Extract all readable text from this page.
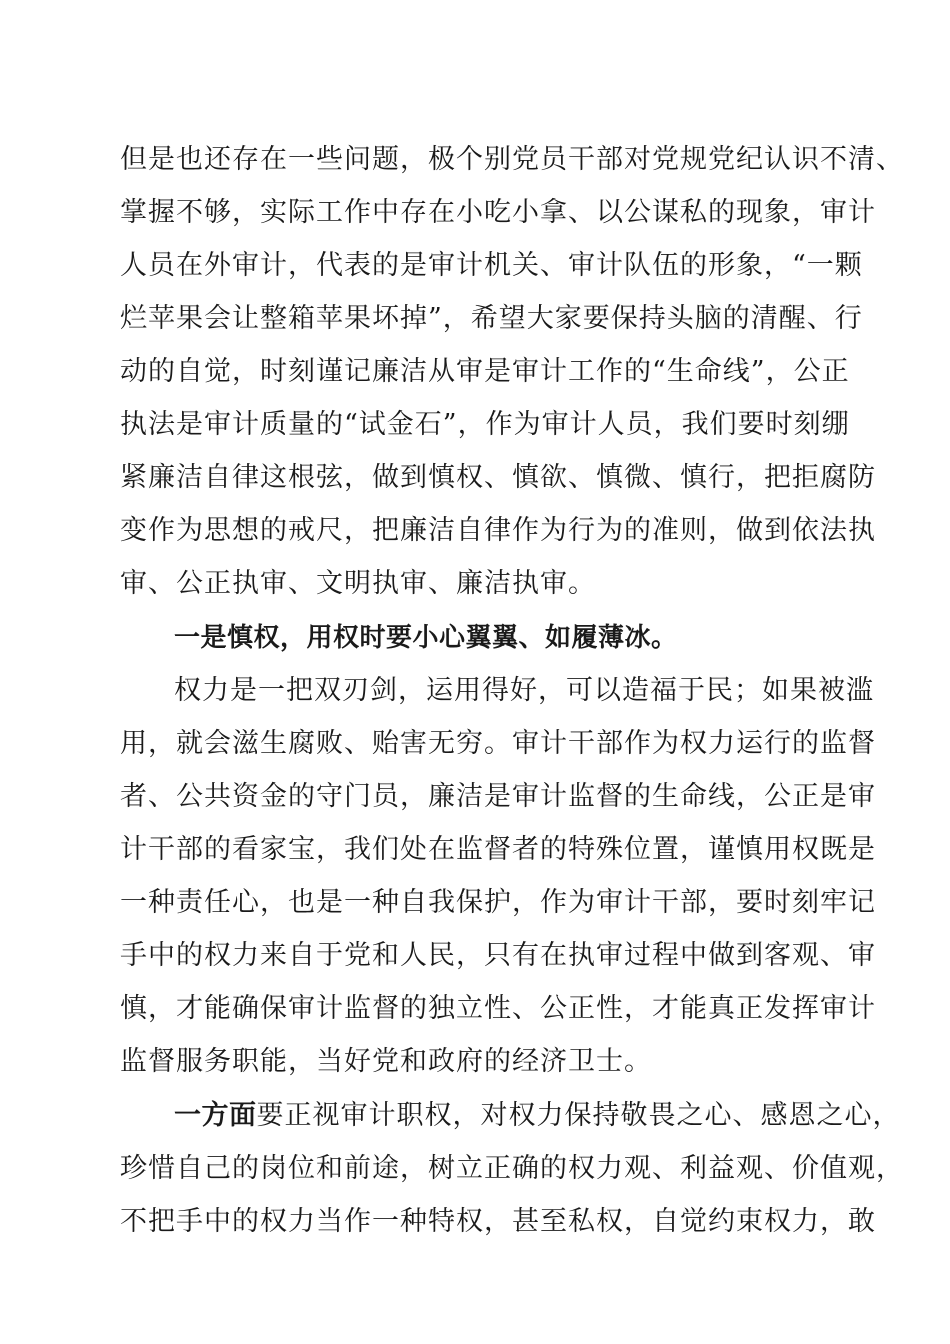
但是也还存在一些问题，极个别党员干部对党规党纪认识不清、
掌握不够，实际工作中存在小吃小拿、以公谋私的现象，审计
人员在外审计，代表的是审计机关、审计队伍的形象，“一颗
烂苹果会让整箱苹果坏掉”，希望大家要保持头脑的清醒、行
动的自觉，时刻谨记廉洁从审是审计工作的“生命线”，公正
执法是审计质量的“试金石”，作为审计人员，我们要时刻绷
紧廉洁自律这根弦，做到慎权、慎欲、慎微、慎行，把拒腐防
变作为思想的戒尺，把廉洁自律作为行为的准则，做到依法执
审、公正执审、文明执审、廉洁执审。
一是慎权，用权时要小心翼翼、如履薄冰。
权力是一把双刃剑，运用得好，可以造福于民；如果被滥
用，就会滋生腐败、贻害无穷。审计干部作为权力运行的监督
者、公共资金的守门员，廉洁是审计监督的生命线，公正是审
计干部的看家宝，我们处在监督者的特殊位置，谨慎用权既是
一种责任心，也是一种自我保护，作为审计干部，要时刻牢记
手中的权力来自于党和人民，只有在执审过程中做到客观、审
慎，才能确保审计监督的独立性、公正性，才能真正发挥审计
监督服务职能，当好党和政府的经济卫士。
一方面要正视审计职权，对权力保持敬畏之心、感恩之心，
珍惜自己的岗位和前途，树立正确的权力观、利益观、价值观，
不把手中的权力当作一种特权，甚至私权，自觉约束权力，敢
